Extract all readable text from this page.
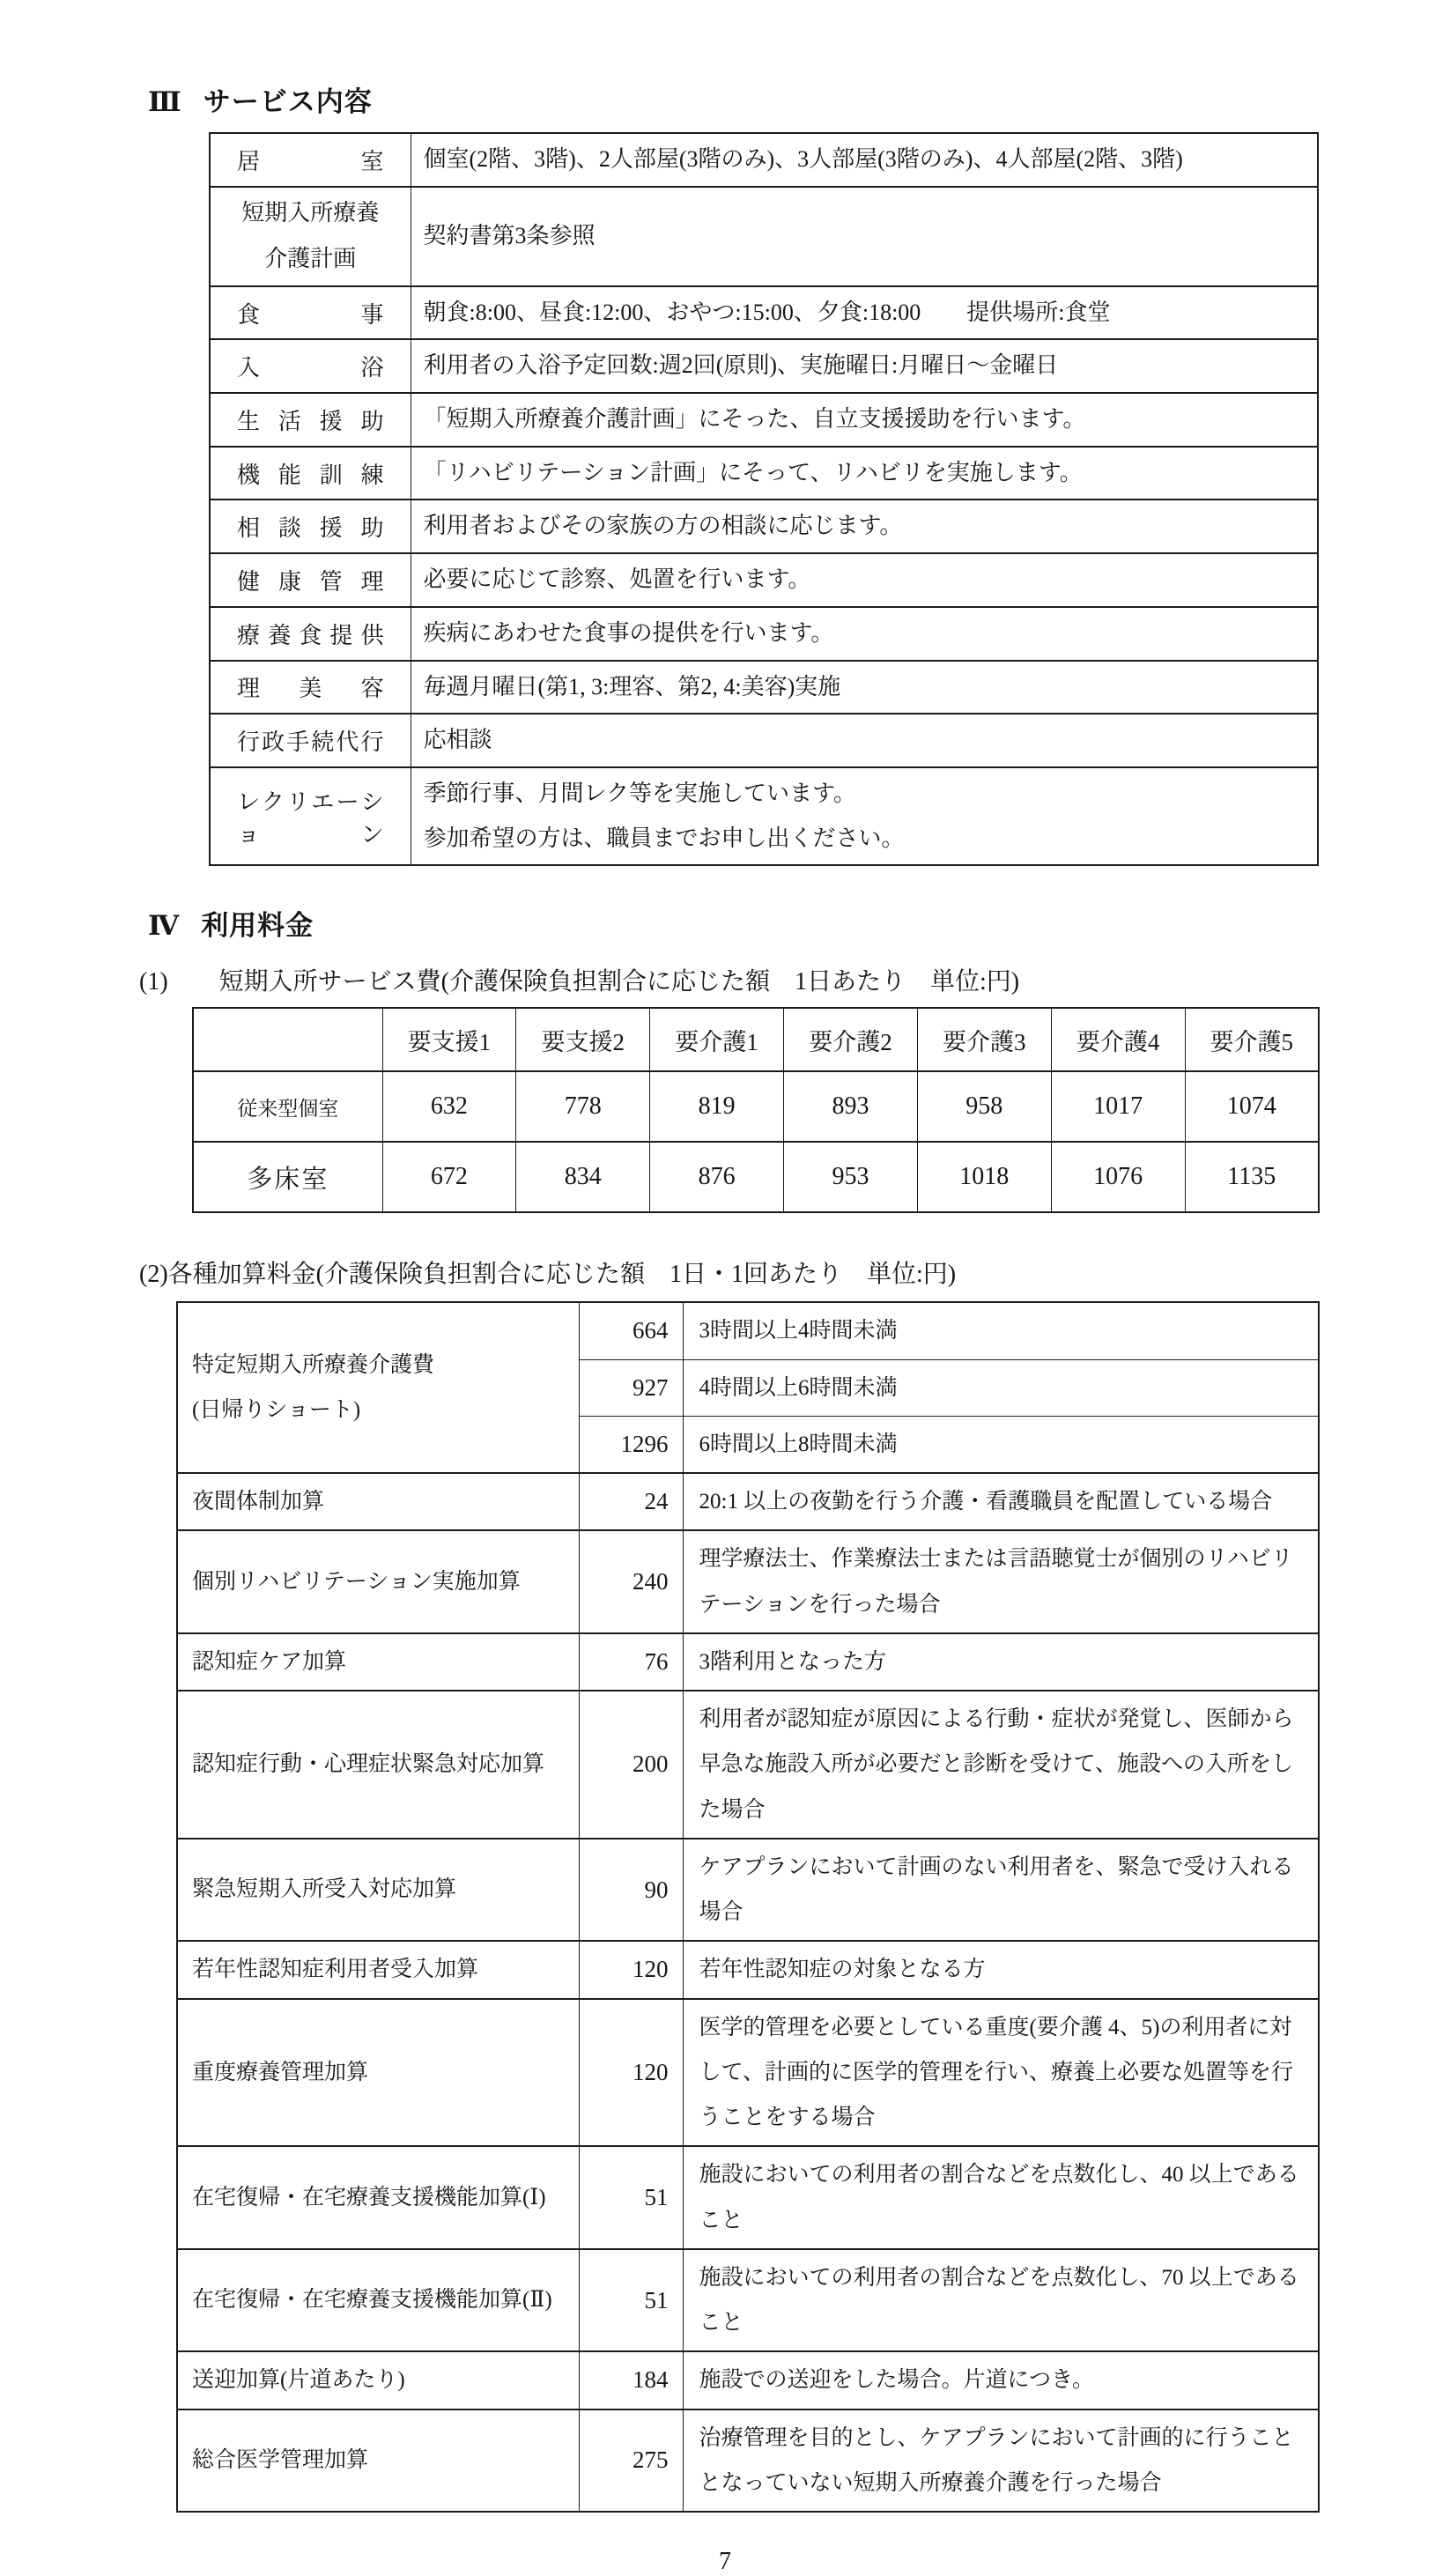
Ⅲ サービス内容
居室	個室(2階、3階)、2人部屋(3階のみ)、3人部屋(3階のみ)、4人部屋(2階、3階)

短期入所療養
介護計画	契約書第3条参照
食事	朝食:8:00、昼食:12:00、おやつ:15:00、夕食:18:00　　提供場所:食堂
入浴	利用者の入浴予定回数:週2回(原則)、実施曜日:月曜日〜金曜日
生活援助	「短期入所療養介護計画」にそった、自立支援援助を行います。
機能訓練	「リハビリテーション計画」にそって、リハビリを実施します。
相談援助	利用者およびその家族の方の相談に応じます。
健康管理	必要に応じて診察、処置を行います。
療養食提供	疾病にあわせた食事の提供を行います。
理美容	毎週月曜日(第1, 3:理容、第2, 4:美容)実施
行政手続代行	応相談
レクリエーション	季節行事、月間レク等を実施しています。
参加希望の方は、職員までお申し出ください。
Ⅳ 利用料金
(1) 短期入所サービス費(介護保険負担割合に応じた額　1日あたり　単位:円)
	要支援1	要支援2	要介護1	要介護2	要介護3	要介護4	要介護5
従来型個室	632	778	819	893	958	1017	1074
多床室	672	834	876	953	1018	1076	1135
(2)各種加算料金(介護保険負担割合に応じた額　1日・1回あたり　単位:円)
特定短期入所療養介護費
(日帰りショート)	664	3時間以上4時間未満
	927	4時間以上6時間未満
	1296	6時間以上8時間未満
夜間体制加算	24	20:1 以上の夜勤を行う介護・看護職員を配置している場合
個別リハビリテーション実施加算	240	理学療法士、作業療法士または言語聴覚士が個別のリハビリテーションを行った場合
認知症ケア加算	76	3階利用となった方
認知症行動・心理症状緊急対応加算	200	利用者が認知症が原因による行動・症状が発覚し、医師から早急な施設入所が必要だと診断を受けて、施設への入所をした場合
緊急短期入所受入対応加算	90	ケアプランにおいて計画のない利用者を、緊急で受け入れる場合
若年性認知症利用者受入加算	120	若年性認知症の対象となる方
重度療養管理加算	120	医学的管理を必要としている重度(要介護 4、5)の利用者に対して、計画的に医学的管理を行い、療養上必要な処置等を行うことをする場合
在宅復帰・在宅療養支援機能加算(Ⅰ)	51	施設においての利用者の割合などを点数化し、40 以上であること
在宅復帰・在宅療養支援機能加算(Ⅱ)	51	施設においての利用者の割合などを点数化し、70 以上であること
送迎加算(片道あたり)	184	施設での送迎をした場合。片道につき。
総合医学管理加算	275	治療管理を目的とし、ケアプランにおいて計画的に行うこととなっていない短期入所療養介護を行った場合
7
